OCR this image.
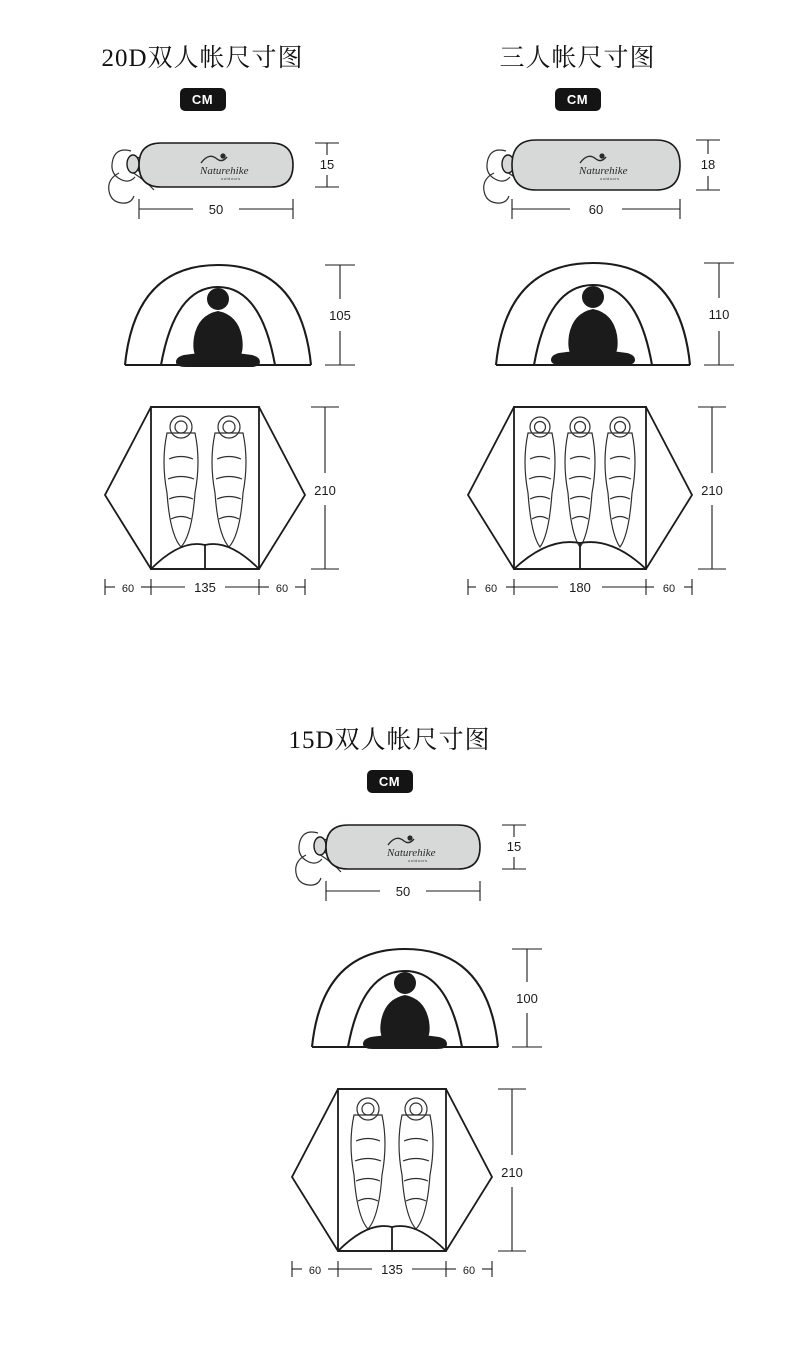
20D双人帐尺寸图
CM
Naturehike
outdoors
15
50
105
210
60	135	60
三人帐尺寸图
CM
Naturehike
outdoors
18
60
110
210
60	180	60
15D双人帐尺寸图
CM
Naturehike
outdoors
15
50
100
210
60	135	60
